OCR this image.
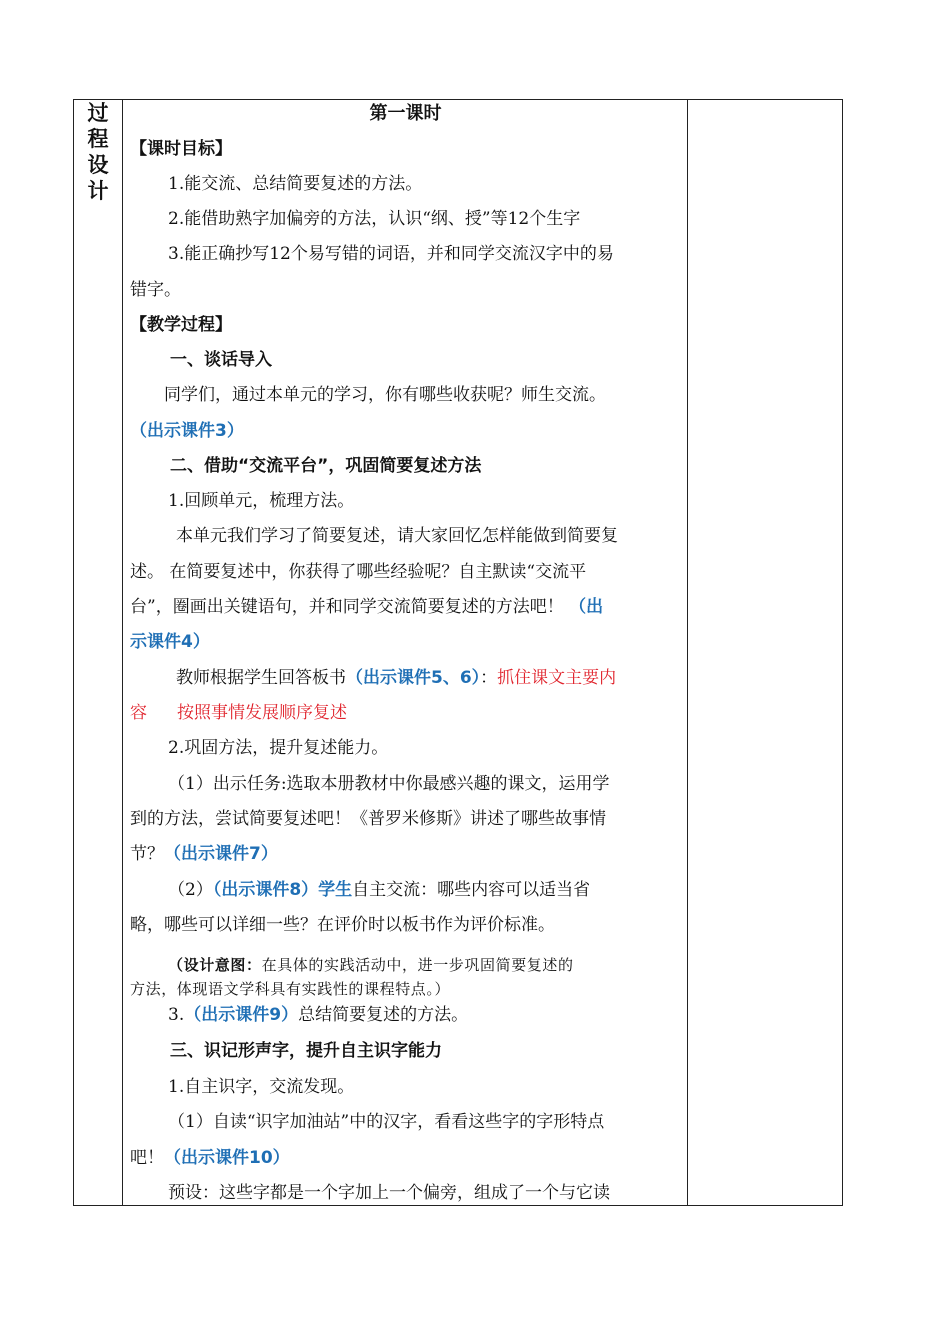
过
程
设
计
第一课时
【课时目标】
1.能交流、总结简要复述的方法。
2.能借助熟字加偏旁的方法，认识“纲、授”等12个生字
3.能正确抄写12个易写错的词语，并和同学交流汉字中的易
错字。
【教学过程】
一、谈话导入
同学们，通过本单元的学习，你有哪些收获呢？师生交流。
（出示课件3）
二、借助“交流平台”，巩固简要复述方法
1.回顾单元，梳理方法。
本单元我们学习了简要复述，请大家回忆怎样能做到简要复
述。 在简要复述中，你获得了哪些经验呢？自主默读“交流平
台”，圈画出关键语句，并和同学交流简要复述的方法吧！ （出
示课件4）
教师根据学生回答板书（出示课件5、6）：抓住课文主要内
容 按照事情发展顺序复述
2.巩固方法，提升复述能力。
（1）出示任务:选取本册教材中你最感兴趣的课文，运用学
到的方法，尝试简要复述吧！《普罗米修斯》讲述了哪些故事情
节？（出示课件7）
（2）（出示课件8）学生自主交流：哪些内容可以适当省
略，哪些可以详细一些？在评价时以板书作为评价标准。
（设计意图：在具体的实践活动中，进一步巩固简要复述的
方法，体现语文学科具有实践性的课程特点。）
3.（出示课件9）总结简要复述的方法。
三、识记形声字，提升自主识字能力
1.自主识字，交流发现。
（1）自读“识字加油站”中的汉字，看看这些字的字形特点
吧！（出示课件10）
预设：这些字都是一个字加上一个偏旁，组成了一个与它读
